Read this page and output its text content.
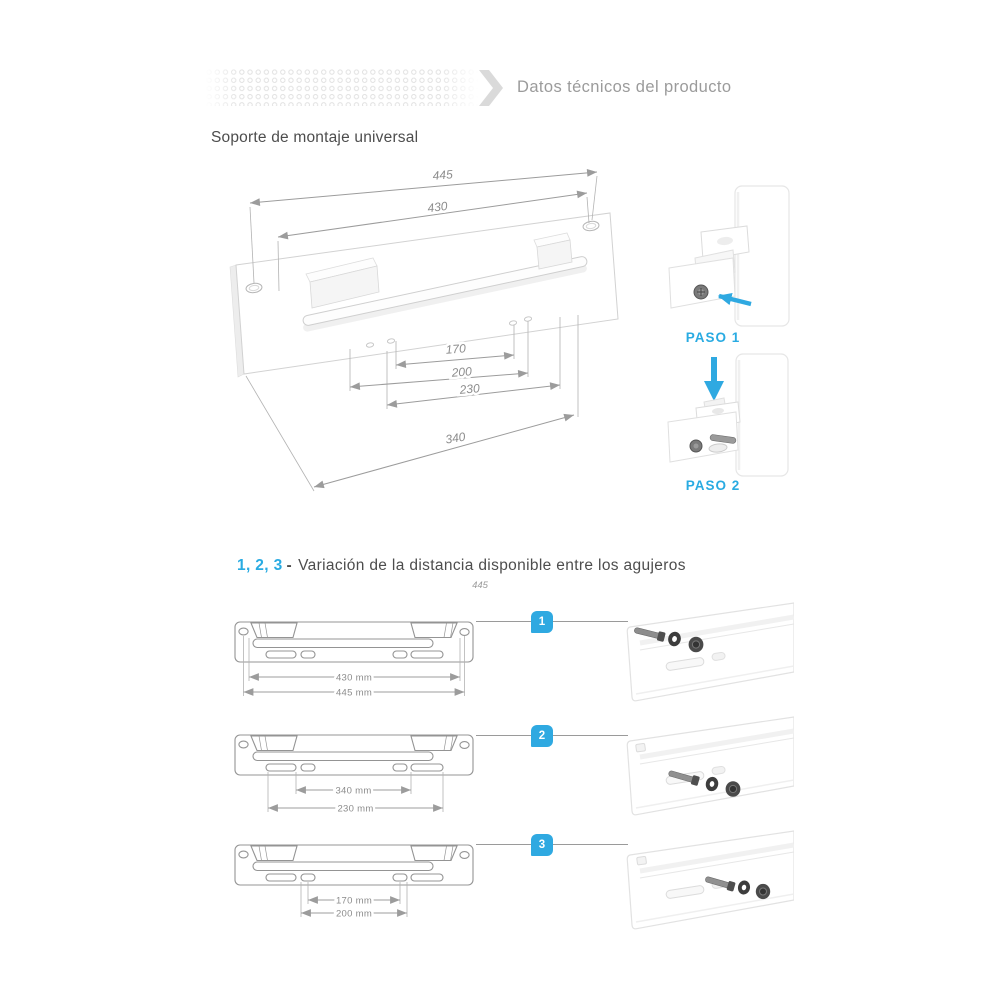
Datos técnicos del producto
Soporte de montaje universal
445
430
170
200
230
340
PASO 1
PASO 2
1, 2, 3 - Variación de la distancia disponible entre los agujeros
445
430 mm
445 mm
1
340 mm
230 mm
2
170 mm
200 mm
3
